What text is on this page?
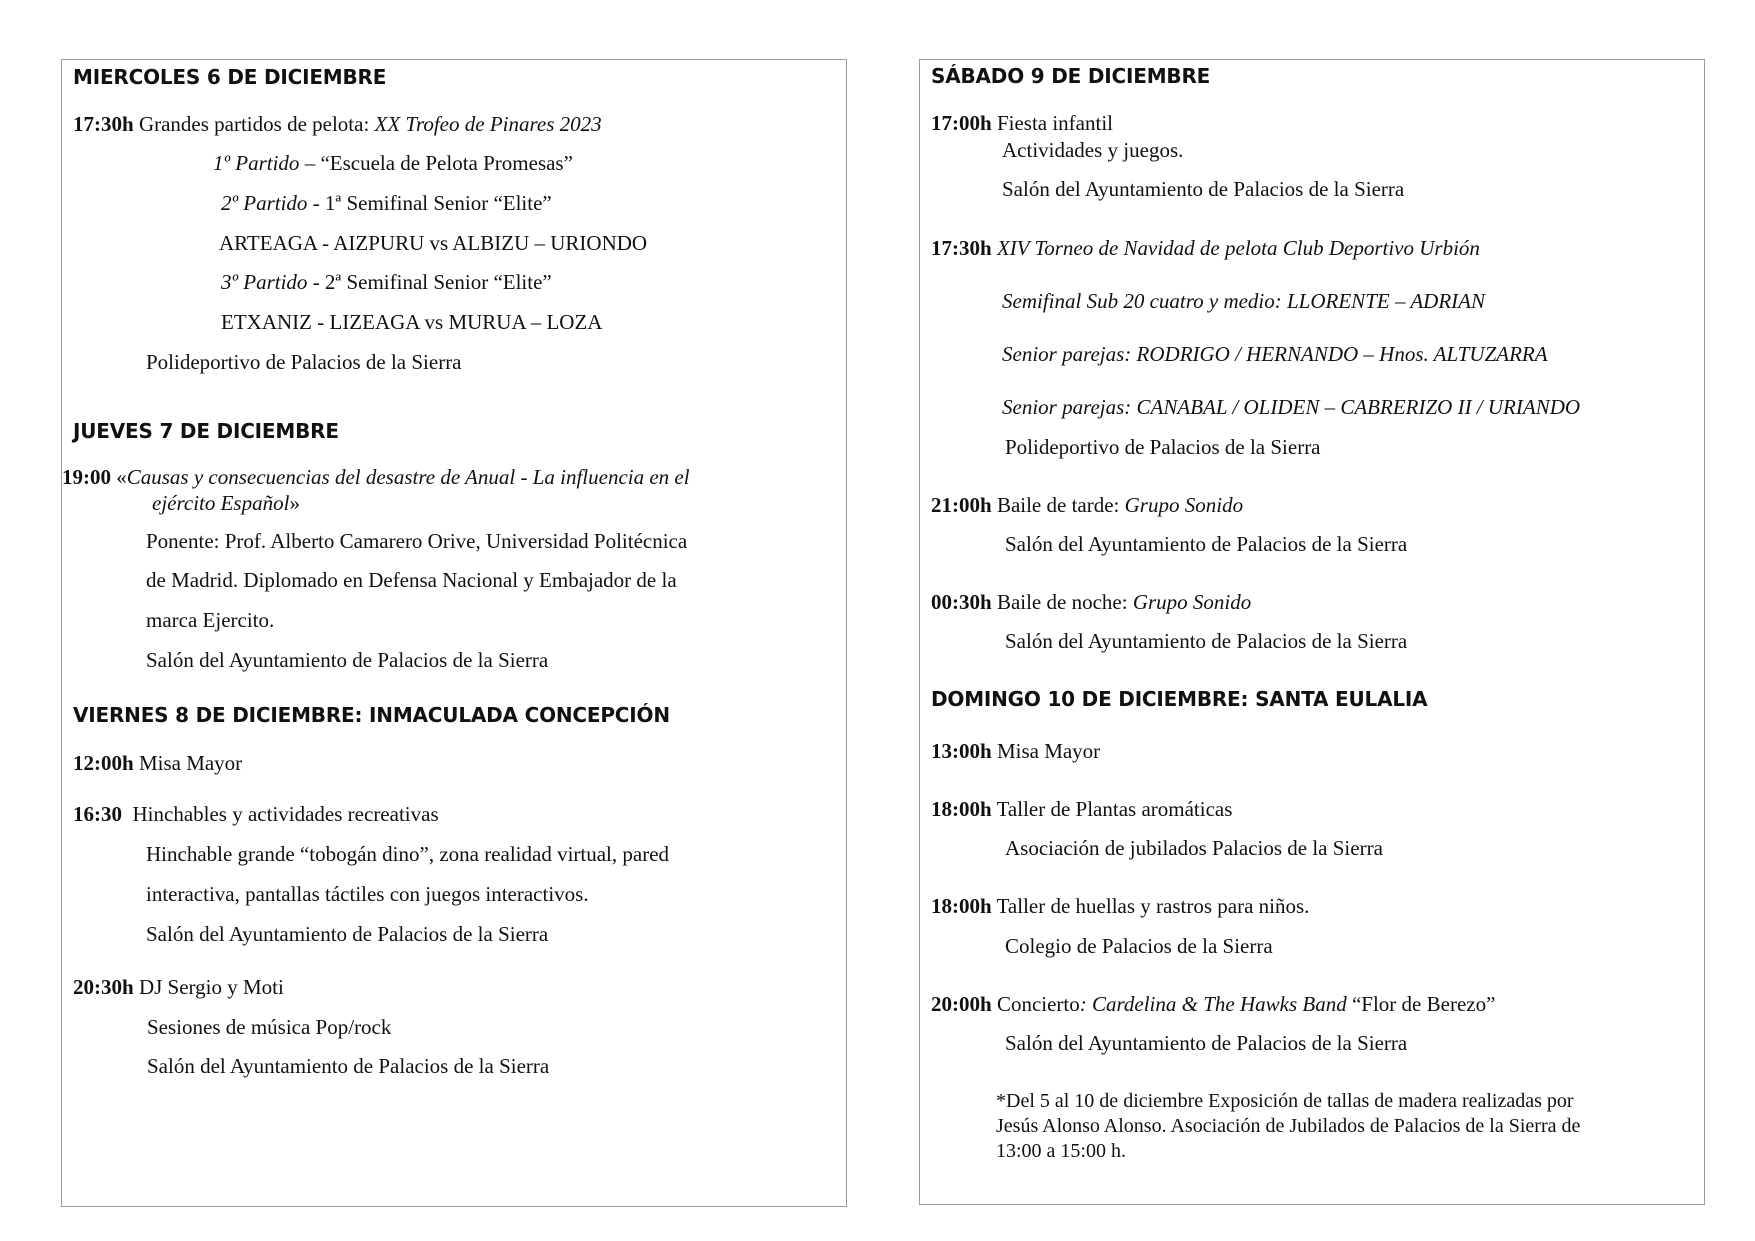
MIERCOLES 6 DE DICIEMBRE
17:30h Grandes partidos de pelota: XX Trofeo de Pinares 2023
1º Partido – “Escuela de Pelota Promesas”
2º Partido - 1ª Semifinal Senior “Elite”
ARTEAGA - AIZPURU vs ALBIZU – URIONDO
3º Partido - 2ª Semifinal Senior “Elite”
ETXANIZ - LIZEAGA vs MURUA – LOZA
Polideportivo de Palacios de la Sierra
JUEVES 7 DE DICIEMBRE
19:00 «Causas y consecuencias del desastre de Anual - La influencia en el
ejército Español»
Ponente: Prof. Alberto Camarero Orive, Universidad Politécnica
de Madrid. Diplomado en Defensa Nacional y Embajador de la
marca Ejercito.
Salón del Ayuntamiento de Palacios de la Sierra
VIERNES 8 DE DICIEMBRE: INMACULADA CONCEPCIÓN
12:00h Misa Mayor
16:30 Hinchables y actividades recreativas
Hinchable grande “tobogán dino”, zona realidad virtual, pared
interactiva, pantallas táctiles con juegos interactivos.
Salón del Ayuntamiento de Palacios de la Sierra
20:30h DJ Sergio y Moti
Sesiones de música Pop/rock
Salón del Ayuntamiento de Palacios de la Sierra
SÁBADO 9 DE DICIEMBRE
17:00h Fiesta infantil
Actividades y juegos.
Salón del Ayuntamiento de Palacios de la Sierra
17:30h XIV Torneo de Navidad de pelota Club Deportivo Urbión
Semifinal Sub 20 cuatro y medio: LLORENTE – ADRIAN
Senior parejas: RODRIGO / HERNANDO – Hnos. ALTUZARRA
Senior parejas: CANABAL / OLIDEN – CABRERIZO II / URIANDO
Polideportivo de Palacios de la Sierra
21:00h Baile de tarde: Grupo Sonido
Salón del Ayuntamiento de Palacios de la Sierra
00:30h Baile de noche: Grupo Sonido
Salón del Ayuntamiento de Palacios de la Sierra
DOMINGO 10 DE DICIEMBRE: SANTA EULALIA
13:00h Misa Mayor
18:00h Taller de Plantas aromáticas
Asociación de jubilados Palacios de la Sierra
18:00h Taller de huellas y rastros para niños.
Colegio de Palacios de la Sierra
20:00h Concierto: Cardelina & The Hawks Band “Flor de Berezo”
Salón del Ayuntamiento de Palacios de la Sierra
*Del 5 al 10 de diciembre Exposición de tallas de madera realizadas por
Jesús Alonso Alonso. Asociación de Jubilados de Palacios de la Sierra de
13:00 a 15:00 h.
